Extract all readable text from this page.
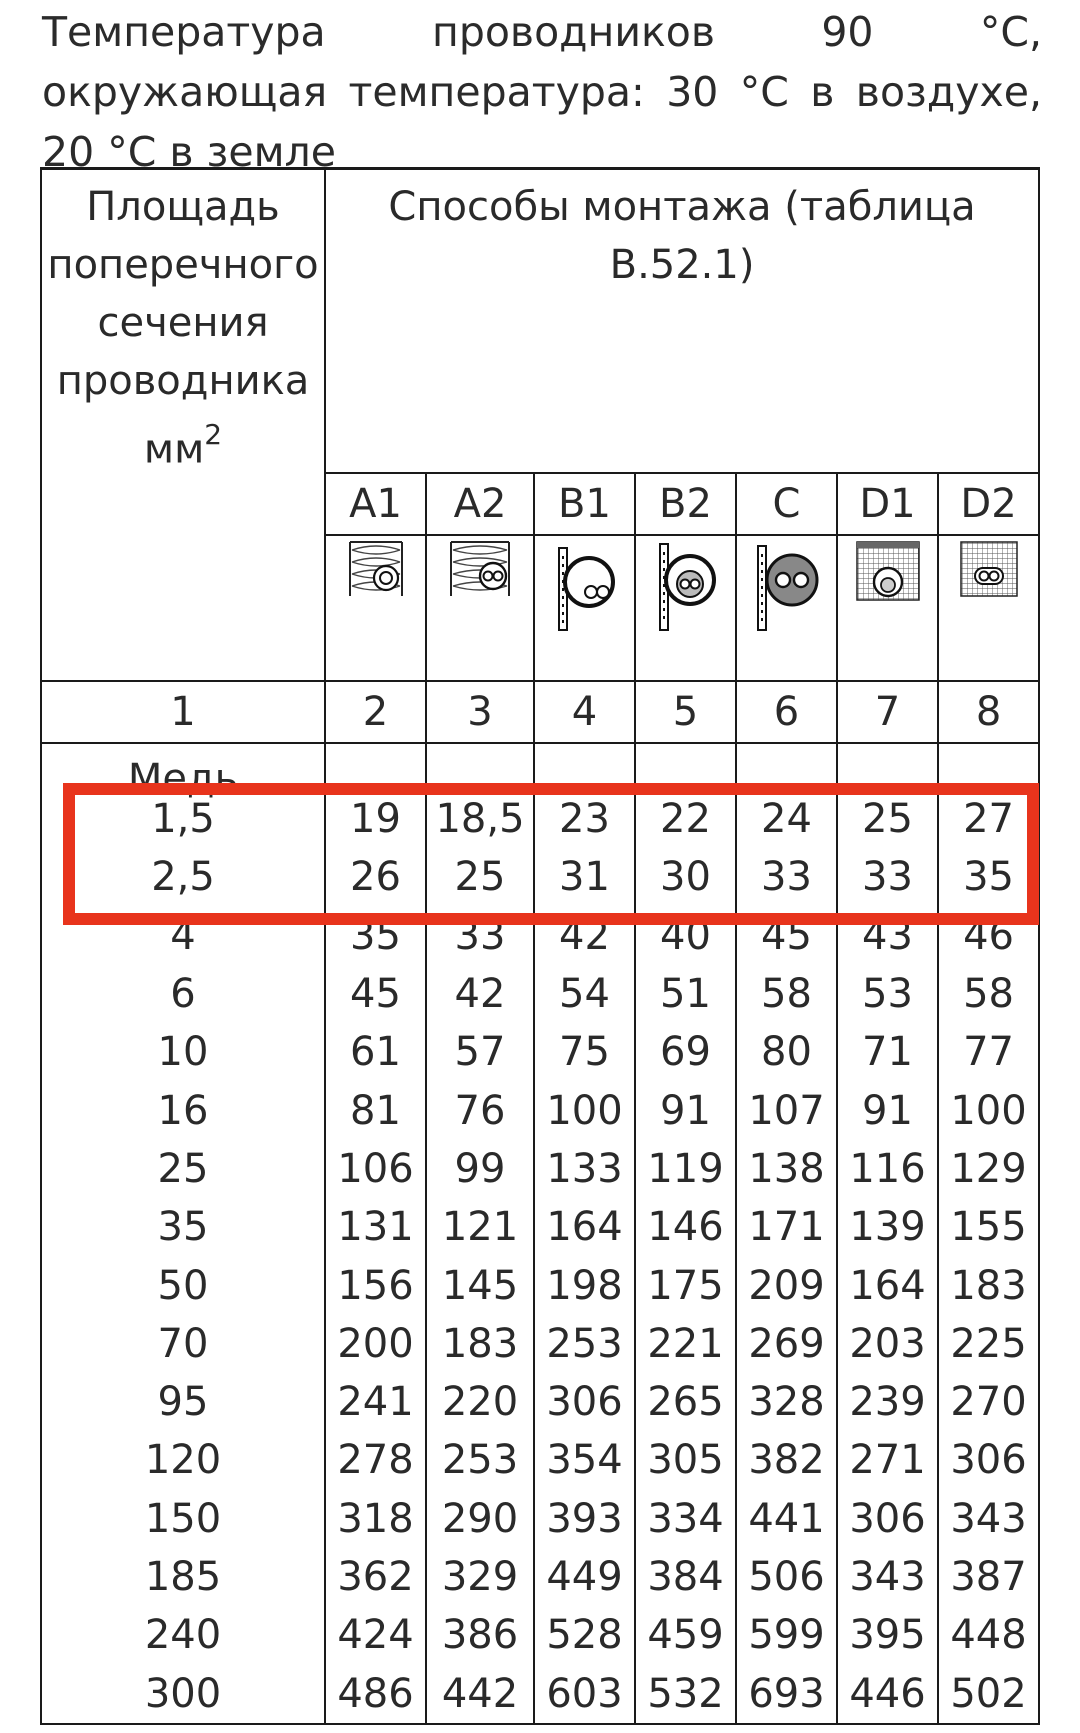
Температура проводников 90 °C, окружающая температура: 30 °C в воздухе, 20 °C в земле
Площадь
поперечного
сечения
проводника
$мм^2$	Способы монтажа (таблица В.52.1)						
	A1	A2	B1	B2	C	D1	D2

1	2	3	4	5	6	7	8
Медь							
1,5	19	18,5	23	22	24	25	27
2,5	26	25	31	30	33	33	35
4	35	33	42	40	45	43	46
6	45	42	54	51	58	53	58
10	61	57	75	69	80	71	77
16	81	76	100	91	107	91	100
25	106	99	133	119	138	116	129
35	131	121	164	146	171	139	155
50	156	145	198	175	209	164	183
70	200	183	253	221	269	203	225
95	241	220	306	265	328	239	270
120	278	253	354	305	382	271	306
150	318	290	393	334	441	306	343
185	362	329	449	384	506	343	387
240	424	386	528	459	599	395	448
300	486	442	603	532	693	446	502
